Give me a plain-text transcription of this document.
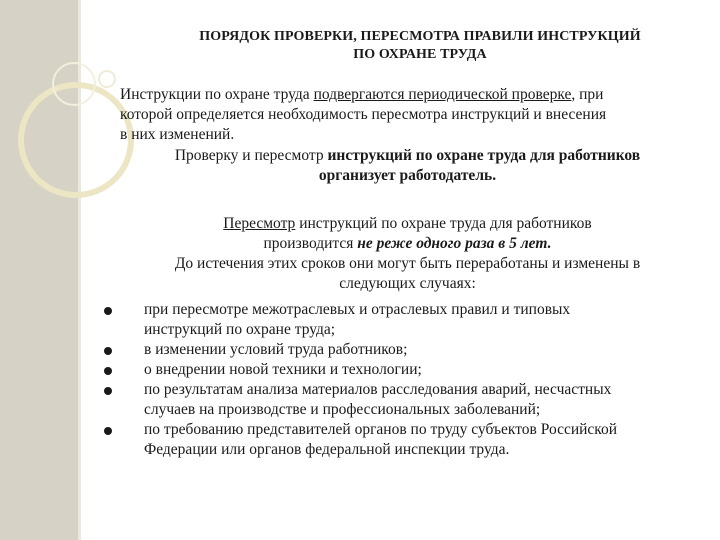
ПОРЯДОК ПРОВЕРКИ, ПЕРЕСМОТРА ПРАВИЛИ ИНСТРУКЦИЙ
ПО ОХРАНЕ ТРУДА
Инструкции по охране труда подвергаются периодической проверке, при
которой определяется необходимость пересмотра инструкций и внесения
в них изменений.
Проверку и пересмотр инструкций по охране труда для работников
организует работодатель.
Пересмотр инструкций по охране труда для работников
производится не реже одного раза в 5 лет.
До истечения этих сроков они могут быть переработаны и изменены в
следующих случаях:
при пересмотре межотраслевых и отраслевых правил и типовых
инструкций по охране труда;
в изменении условий труда работников;
о внедрении новой техники и технологии;
по результатам анализа материалов расследования аварий, несчастных
случаев на производстве и профессиональных заболеваний;
по требованию представителей органов по труду субъектов Российской
Федерации или органов федеральной инспекции труда.
